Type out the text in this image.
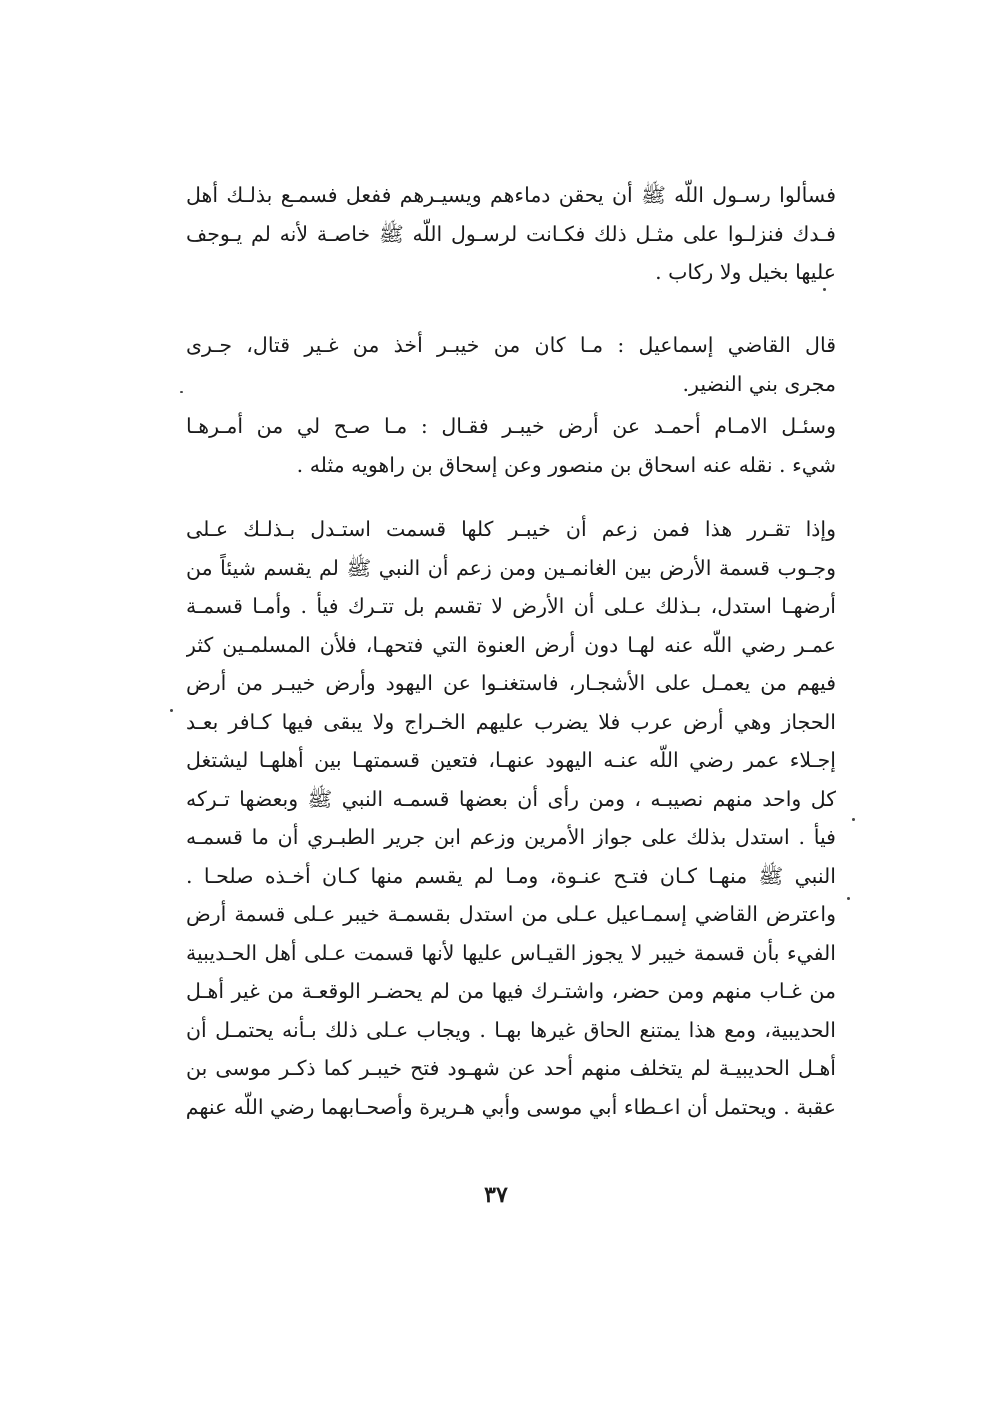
فسألوا رسـول اللّه ﷺ أن يحقن دماءهم ويسيـرهم ففعل فسمـع بذلـك أهل
فـدك فنزلـوا على مثـل ذلك فكـانت لرسـول اللّه ﷺ خاصـة لأنه لم يـوجف
عليها بخيل ولا ركاب .
قال القاضي إسماعيل : مـا كان من خيبـر أخذ من غـير قتال، جـرى
مجرى بني النضير.
وسئـل الامـام أحمـد عن أرض خيبـر فقـال : مـا صـح لي من أمـرهـا
شيء . نقله عنه اسحاق بن منصور وعن إسحاق بن راهويه مثله .
وإذا تقـرر هذا فمن زعم أن خيبـر كلها قسمت استـدل بـذلـك عـلى
وجـوب قسمة الأرض بين الغانمـين ومن زعم أن النبي ﷺ لم يقسم شيئاً من
أرضهـا استدل، بـذلك عـلى أن الأرض لا تقسم بل تتـرك فيأ . وأمـا قسمـة
عمـر رضي اللّه عنه لهـا دون أرض العنوة التي فتحهـا، فلأن المسلمـين كثر
فيهم من يعمـل على الأشجـار، فاستغنـوا عن اليهود وأرض خيبـر من أرض
الحجاز وهي أرض عرب فلا يضرب عليهم الخـراج ولا يبقى فيها كـافر بعـد
إجـلاء عمر رضي اللّه عنـه اليهود عنهـا، فتعين قسمتهـا بين أهلهـا ليشتغل
كل واحد منهم نصيبـه ، ومن رأى أن بعضها قسمـه النبي ﷺ وبعضها تـركه
فيأ . استدل بذلك على جواز الأمرين وزعم ابن جرير الطبـري أن ما قسمـه
النبي ﷺ منهـا كـان فتـح عنـوة، ومـا لم يقسم منها كـان أخـذه صلحـا .
واعترض القاضي إسمـاعيل عـلى من استدل بقسمـة خيبر عـلى قسمة أرض
الفيء بأن قسمة خيبر لا يجوز القيـاس عليها لأنها قسمت عـلى أهل الحـديبية
من غـاب منهم ومن حضر، واشتـرك فيها من لم يحضـر الوقعـة من غير أهـل
الحديبية، ومع هذا يمتنع الحاق غيرها بهـا . ويجاب عـلى ذلك بـأنه يحتمـل أن
أهـل الحديبيـة لم يتخلف منهم أحد عن شهـود فتح خيبـر كما ذكـر موسى بن
عقبة . ويحتمل أن اعـطاء أبي موسى وأبي هـريرة وأصحـابهما رضي اللّه عنهم
٣٧
